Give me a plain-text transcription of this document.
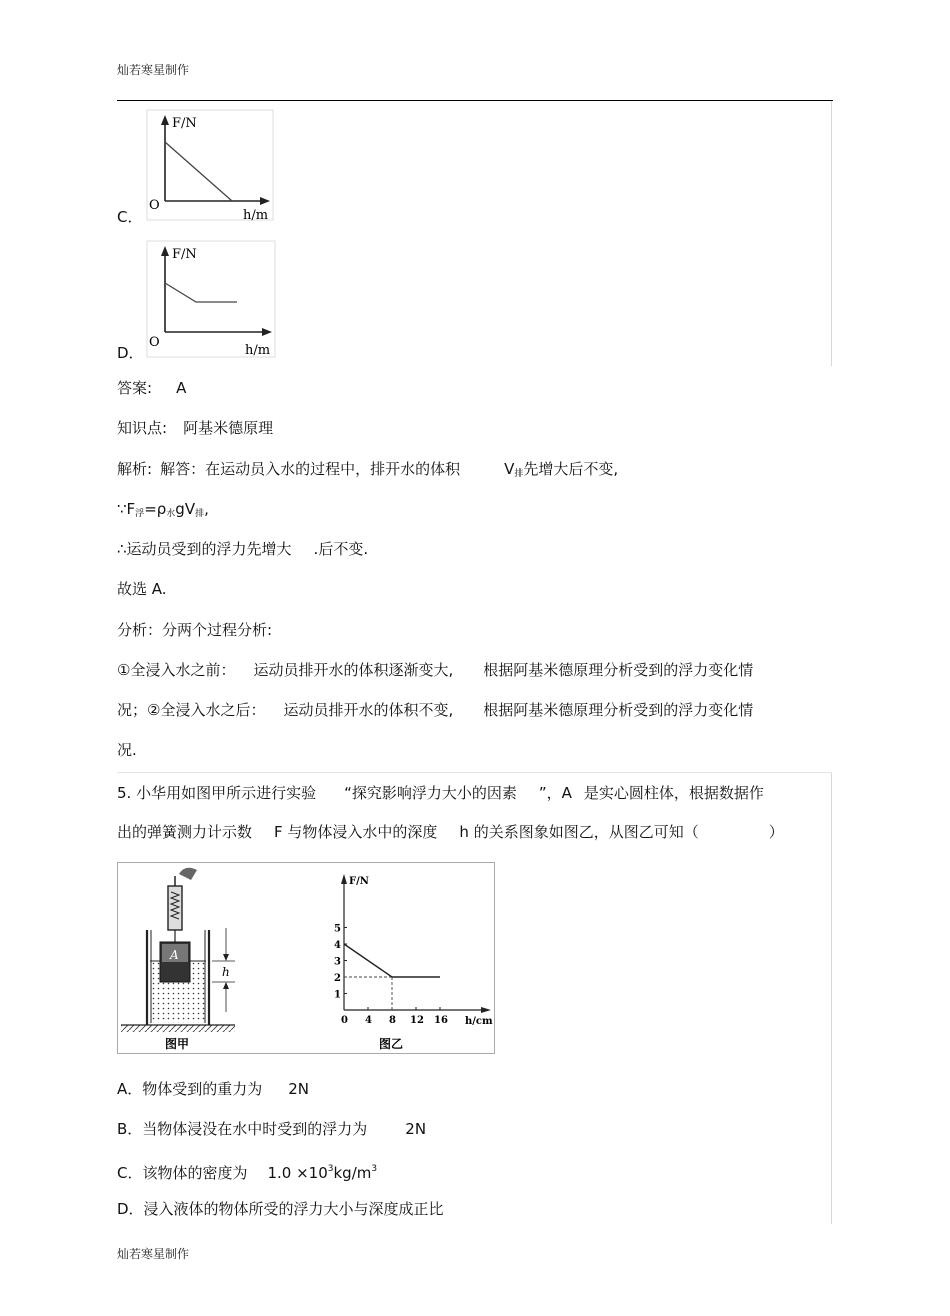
灿若寒星制作
灿若寒星制作
C．
F/N
O
h/m
D．
F/N
O
h/m
答案: A
知识点: 阿基米德原理
解析: 解答：在运动员入水的过程中，排开水的体积	$V_排$先增大后不变,
$\because F_浮=\rho_水gV_排$,
∴运动员受到的浮力先增大 .后不变.
故选 A.
分析：分两个过程分析:
①全浸入水之前： 运动员排开水的体积逐渐变大, 根据阿基米德原理分析受到的浮力变化情
况；②全浸入水之后： 运动员排开水的体积不变, 根据阿基米德原理分析受到的浮力变化情
况.
5. 小华用如图甲所示进行实验 “探究影响浮力大小的因素 ”，A 是实心圆柱体，根据数据作
出的弹簧测力计示数 F 与物体浸入水中的深度 h 的关系图象如图乙，从图乙可知（	）
A
h
图甲
F/N
h/cm
0 4 8 12 16
1
2
3
4
5
图乙
A．物体受到的重力为 2N
B．当物体浸没在水中时受到的浮力为	2N
C．该物体的密度为 $1.0 \times 10^3kg/m^3$
D．浸入液体的物体所受的浮力大小与深度成正比
